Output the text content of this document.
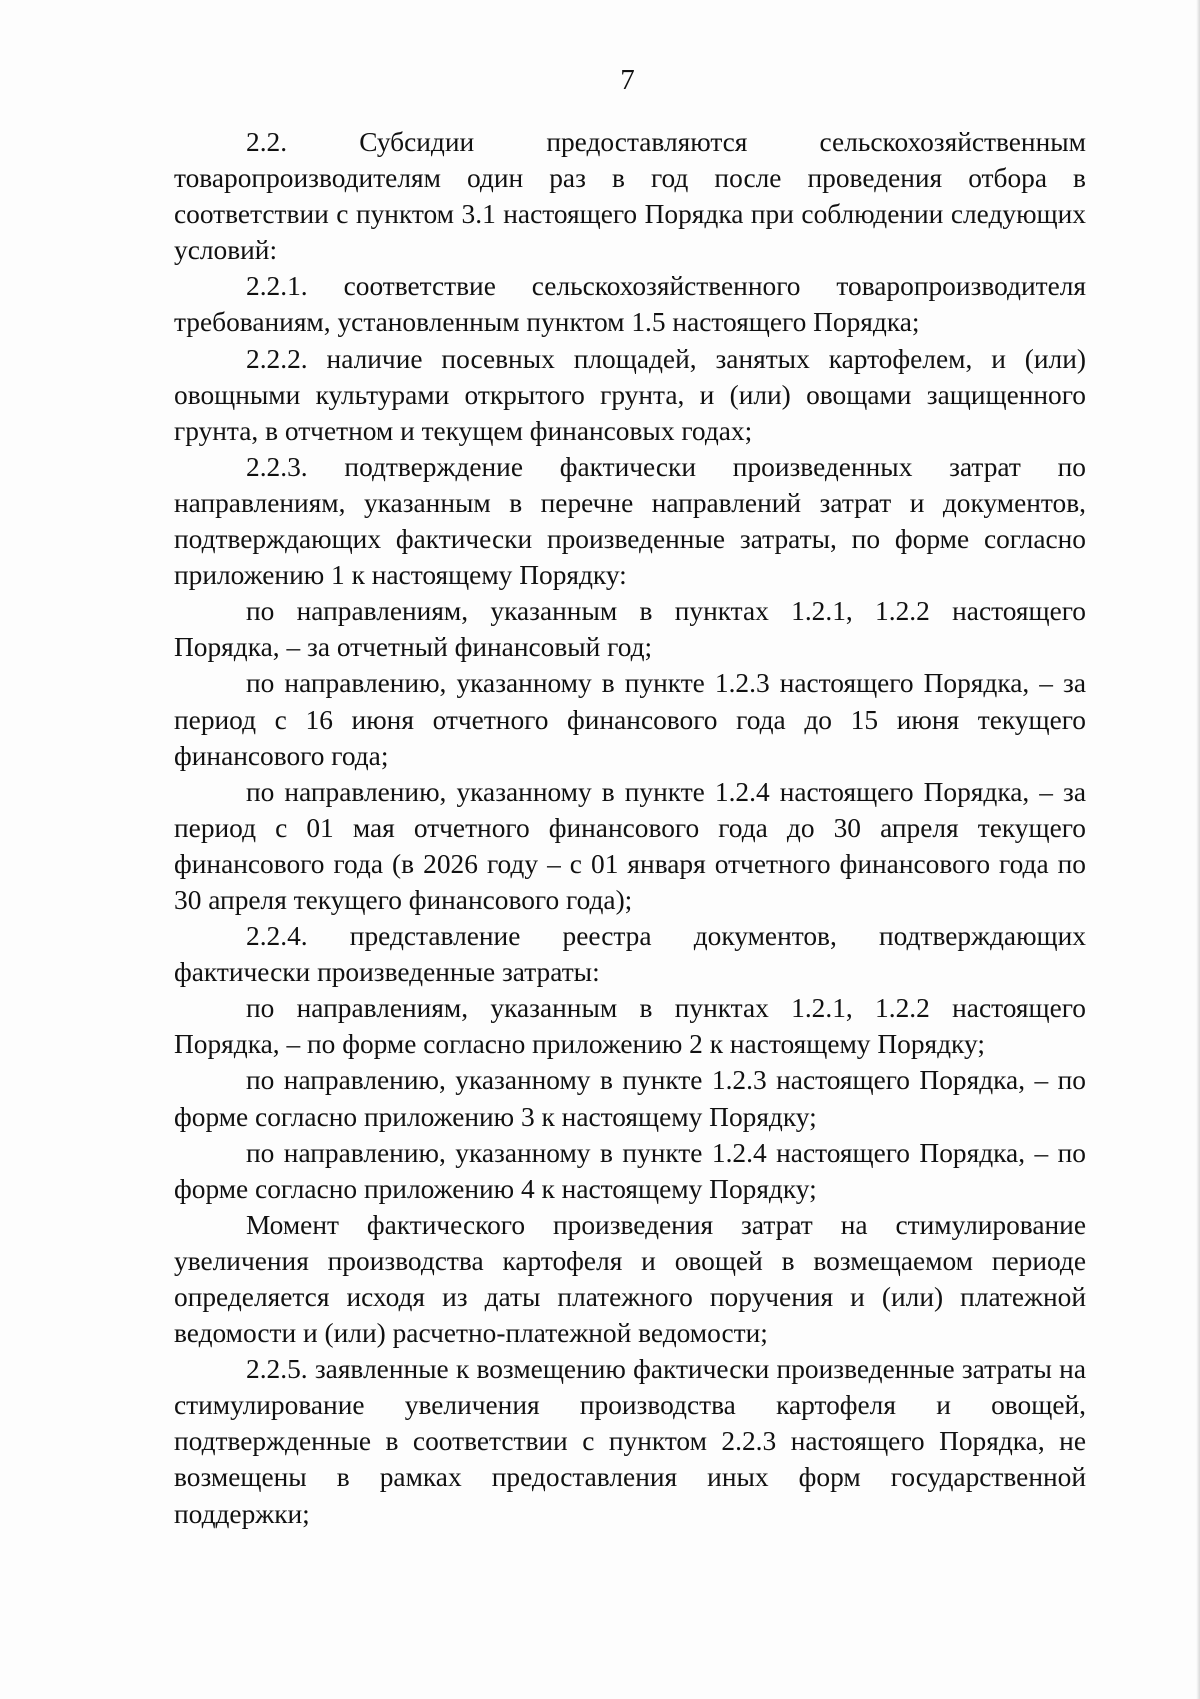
7

2.2. Субсидии предоставляются сельскохозяйственным товаропроизводителям один раз в год после проведения отбора в соответствии с пунктом 3.1 настоящего Порядка при соблюдении следующих условий:

2.2.1. соответствие сельскохозяйственного товаропроизводителя требованиям, установленным пунктом 1.5 настоящего Порядка;

2.2.2. наличие посевных площадей, занятых картофелем, и (или) овощными культурами открытого грунта, и (или) овощами защищенного грунта, в отчетном и текущем финансовых годах;

2.2.3. подтверждение фактически произведенных затрат по направлениям, указанным в перечне направлений затрат и документов, подтверждающих фактически произведенные затраты, по форме согласно приложению 1 к настоящему Порядку:

по направлениям, указанным в пунктах 1.2.1, 1.2.2 настоящего Порядка, – за отчетный финансовый год;

по направлению, указанному в пункте 1.2.3 настоящего Порядка, – за период с 16 июня отчетного финансового года до 15 июня текущего финансового года;

по направлению, указанному в пункте 1.2.4 настоящего Порядка, – за период с 01 мая отчетного финансового года до 30 апреля текущего финансового года (в 2026 году – с 01 января отчетного финансового года по 30 апреля текущего финансового года);

2.2.4. представление реестра документов, подтверждающих фактически произведенные затраты:

по направлениям, указанным в пунктах 1.2.1, 1.2.2 настоящего Порядка, – по форме согласно приложению 2 к настоящему Порядку;

по направлению, указанному в пункте 1.2.3 настоящего Порядка, – по форме согласно приложению 3 к настоящему Порядку;

по направлению, указанному в пункте 1.2.4 настоящего Порядка, – по форме согласно приложению 4 к настоящему Порядку;

Момент фактического произведения затрат на стимулирование увеличения производства картофеля и овощей в возмещаемом периоде определяется исходя из даты платежного поручения и (или) платежной ведомости и (или) расчетно-платежной ведомости;

2.2.5. заявленные к возмещению фактически произведенные затраты на стимулирование увеличения производства картофеля и овощей, подтвержденные в соответствии с пунктом 2.2.3 настоящего Порядка, не возмещены в рамках предоставления иных форм государственной поддержки;
